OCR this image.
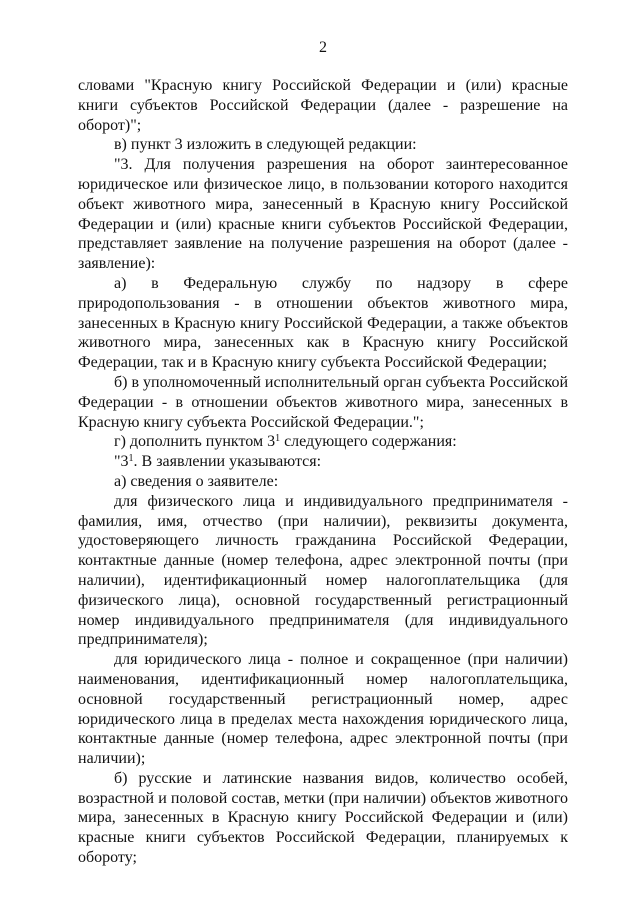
2

словами "Красную книгу Российской Федерации и (или) красные книги субъектов Российской Федерации (далее - разрешение на оборот)";

в) пункт 3 изложить в следующей редакции:

"3. Для получения разрешения на оборот заинтересованное юридическое или физическое лицо, в пользовании которого находится объект животного мира, занесенный в Красную книгу Российской Федерации и (или) красные книги субъектов Российской Федерации, представляет заявление на получение разрешения на оборот (далее - заявление):

а) в Федеральную службу по надзору в сфере природопользования - в отношении объектов животного мира, занесенных в Красную книгу Российской Федерации, а также объектов животного мира, занесенных как в Красную книгу Российской Федерации, так и в Красную книгу субъекта Российской Федерации;

б) в уполномоченный исполнительный орган субъекта Российской Федерации - в отношении объектов животного мира, занесенных в Красную книгу субъекта Российской Федерации.";

г) дополнить пунктом $3^1$ следующего содержания:

"$3^1$. В заявлении указываются:

а) сведения о заявителе:

для физического лица и индивидуального предпринимателя - фамилия, имя, отчество (при наличии), реквизиты документа, удостоверяющего личность гражданина Российской Федерации, контактные данные (номер телефона, адрес электронной почты (при наличии), идентификационный номер налогоплательщика (для физического лица), основной государственный регистрационный номер индивидуального предпринимателя (для индивидуального предпринимателя);

для юридического лица - полное и сокращенное (при наличии) наименования, идентификационный номер налогоплательщика, основной государственный регистрационный номер, адрес юридического лица в пределах места нахождения юридического лица, контактные данные (номер телефона, адрес электронной почты (при наличии);

б) русские и латинские названия видов, количество особей, возрастной и половой состав, метки (при наличии) объектов животного мира, занесенных в Красную книгу Российской Федерации и (или) красные книги субъектов Российской Федерации, планируемых к обороту;
